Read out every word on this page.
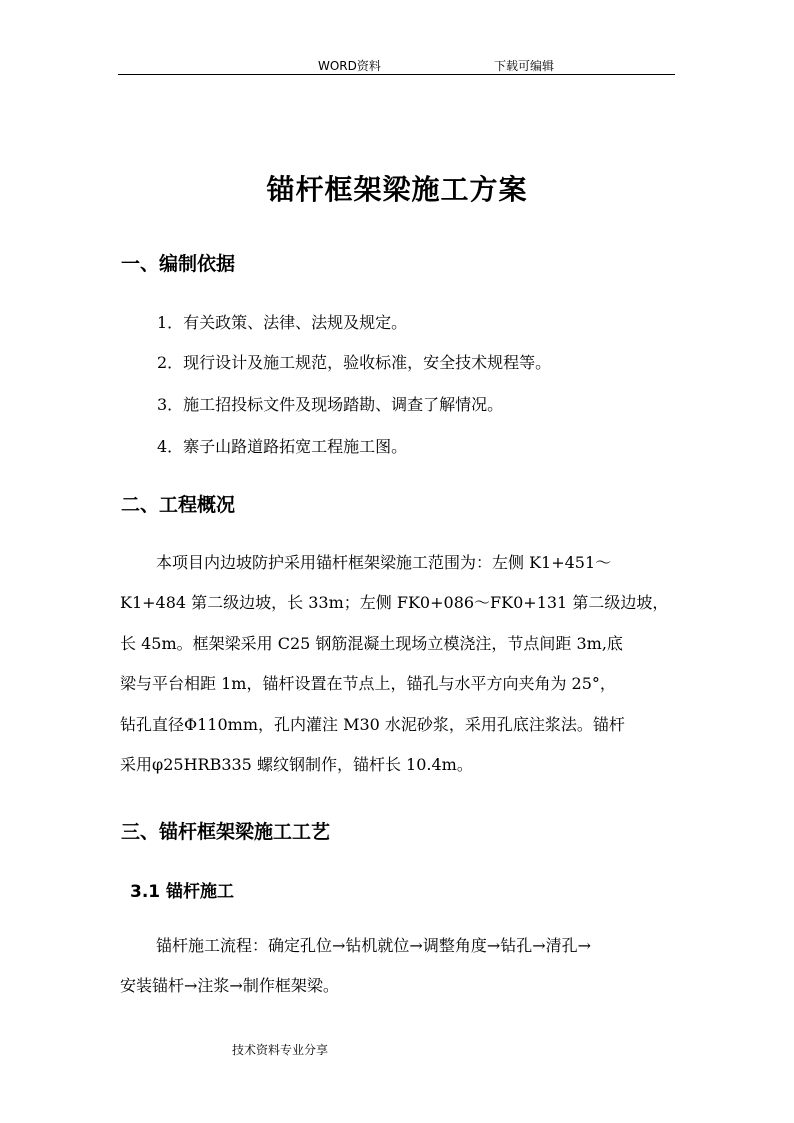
WORD资料	下载可编辑
锚杆框架梁施工方案
一、编制依据
1．有关政策、法律、法规及规定。
2．现行设计及施工规范，验收标准，安全技术规程等。
3．施工招投标文件及现场踏勘、调查了解情况。
4．寨子山路道路拓宽工程施工图。
二、工程概况
本项目内边坡防护采用锚杆框架梁施工范围为：左侧 K1+451～
K1+484 第二级边坡，长 33m；左侧 FK0+086～FK0+131 第二级边坡，
长 45m。框架梁采用 C25 钢筋混凝土现场立模浇注，节点间距 3m,底
梁与平台相距 1m，锚杆设置在节点上，锚孔与水平方向夹角为 25°，
钻孔直径Φ110mm，孔内灌注 M30 水泥砂浆，采用孔底注浆法。锚杆
采用φ25HRB335 螺纹钢制作，锚杆长 10.4m。
三、锚杆框架梁施工工艺
3.1 锚杆施工
锚杆施工流程：确定孔位→钻机就位→调整角度→钻孔→清孔→
安装锚杆→注浆→制作框架梁。
技术资料专业分享
